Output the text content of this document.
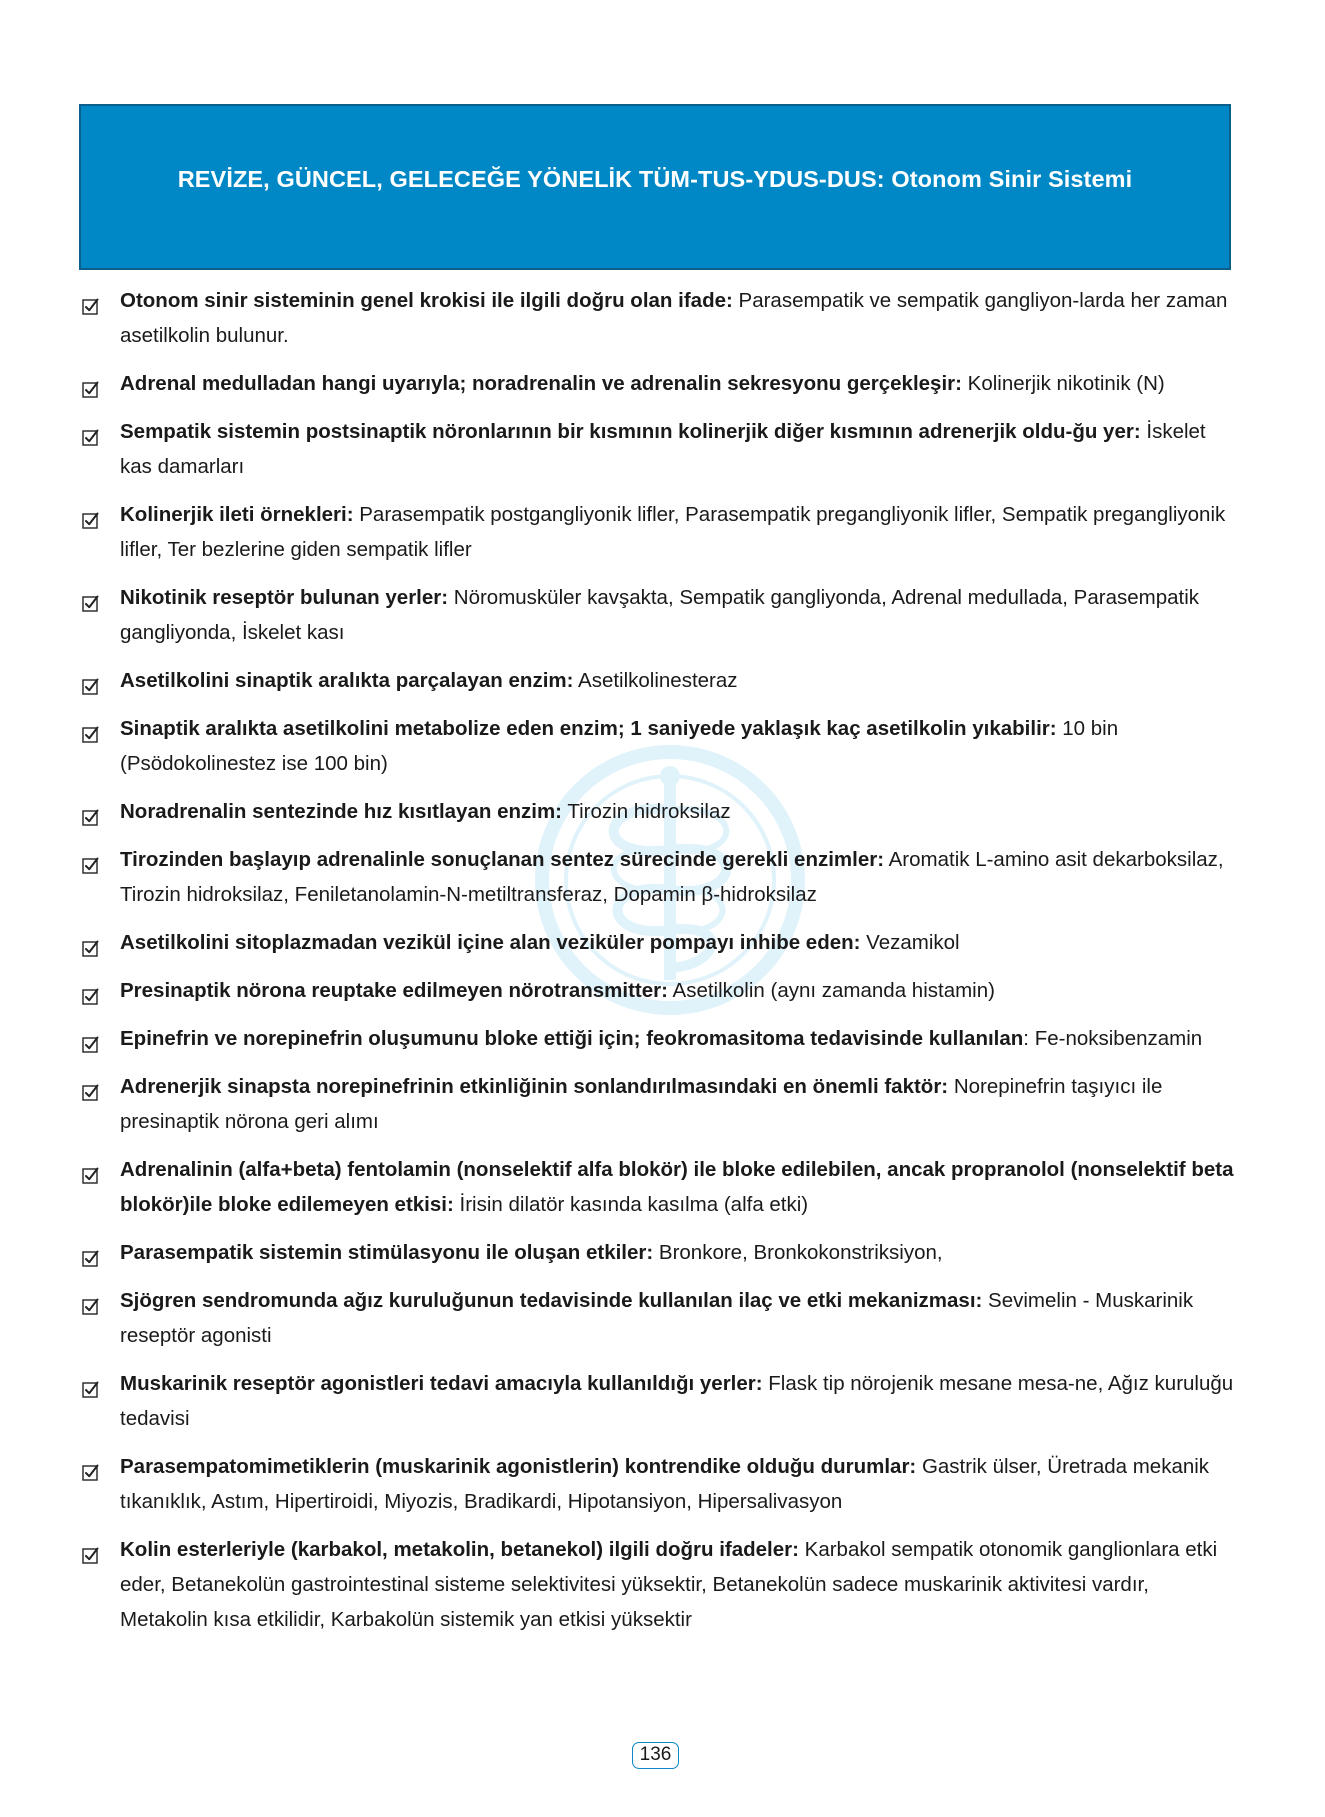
REVİZE, GÜNCEL, GELECEĞE YÖNELİK TÜM-TUS-YDUS-DUS: Otonom Sinir Sistemi
Otonom sinir sisteminin genel krokisi ile ilgili doğru olan ifade: Parasempatik ve sempatik gangliyon-larda her zaman asetilkolin bulunur.
Adrenal medulladan hangi uyarıyla; noradrenalin ve adrenalin sekresyonu gerçekleşir: Kolinerjik nikotinik (N)
Sempatik sistemin postsinaptik nöronlarının bir kısmının kolinerjik diğer kısmının adrenerjik oldu-ğu yer: İskelet kas damarları
Kolinerjik ileti örnekleri: Parasempatik postgangliyonik lifler, Parasempatik pregangliyonik lifler, Sempatik pregangliyonik lifler, Ter bezlerine giden sempatik lifler
Nikotinik reseptör bulunan yerler: Nöromusküler kavşakta, Sempatik gangliyonda, Adrenal medullada, Parasempatik gangliyonda, İskelet kası
Asetilkolini sinaptik aralıkta parçalayan enzim: Asetilkolinesteraz
Sinaptik aralıkta asetilkolini metabolize eden enzim; 1 saniyede yaklaşık kaç asetilkolin yıkabilir: 10 bin (Psödokolinestez ise 100 bin)
Noradrenalin sentezinde hız kısıtlayan enzim: Tirozin hidroksilaz
Tirozinden başlayıp adrenalinle sonuçlanan sentez sürecinde gerekli enzimler: Aromatik L-amino asit dekarboksilaz, Tirozin hidroksilaz, Feniletanolamin-N-metiltransferaz, Dopamin β-hidroksilaz
Asetilkolini sitoplazmadan vezikül içine alan veziküler pompayı inhibe eden: Vezamikol
Presinaptik nörona reuptake edilmeyen nörotransmitter: Asetilkolin (aynı zamanda histamin)
Epinefrin ve norepinefrin oluşumunu bloke ettiği için; feokromasitoma tedavisinde kullanılan: Fe-noksibenzamin
Adrenerjik sinapsta norepinefrinin etkinliğinin sonlandırılmasındaki en önemli faktör: Norepinefrin taşıyıcı ile presinaptik nörona geri alımı
Adrenalinin (alfa+beta) fentolamin (nonselektif alfa blokör) ile bloke edilebilen, ancak propranolol (nonselektif beta blokör)ile bloke edilemeyen etkisi: İrisin dilatör kasında kasılma (alfa etki)
Parasempatik sistemin stimülasyonu ile oluşan etkiler: Bronkore, Bronkokonstriksiyon,
Sjögren sendromunda ağız kuruluğunun tedavisinde kullanılan ilaç ve etki mekanizması: Sevimelin - Muskarinik reseptör agonisti
Muskarinik reseptör agonistleri tedavi amacıyla kullanıldığı yerler: Flask tip nörojenik mesane mesa-ne, Ağız kuruluğu tedavisi
Parasempatomimetiklerin (muskarinik agonistlerin) kontrendike olduğu durumlar: Gastrik ülser, Üretrada mekanik tıkanıklık, Astım, Hipertiroidi, Miyozis, Bradikardi, Hipotansiyon, Hipersalivasyon
Kolin esterleriyle (karbakol, metakolin, betanekol) ilgili doğru ifadeler: Karbakol sempatik otonomik ganglionlara etki eder, Betanekolün gastrointestinal sisteme selektivitesi yüksektir, Betanekolün sadece muskarinik aktivitesi vardır, Metakolin kısa etkilidir, Karbakolün sistemik yan etkisi yüksektir
136
